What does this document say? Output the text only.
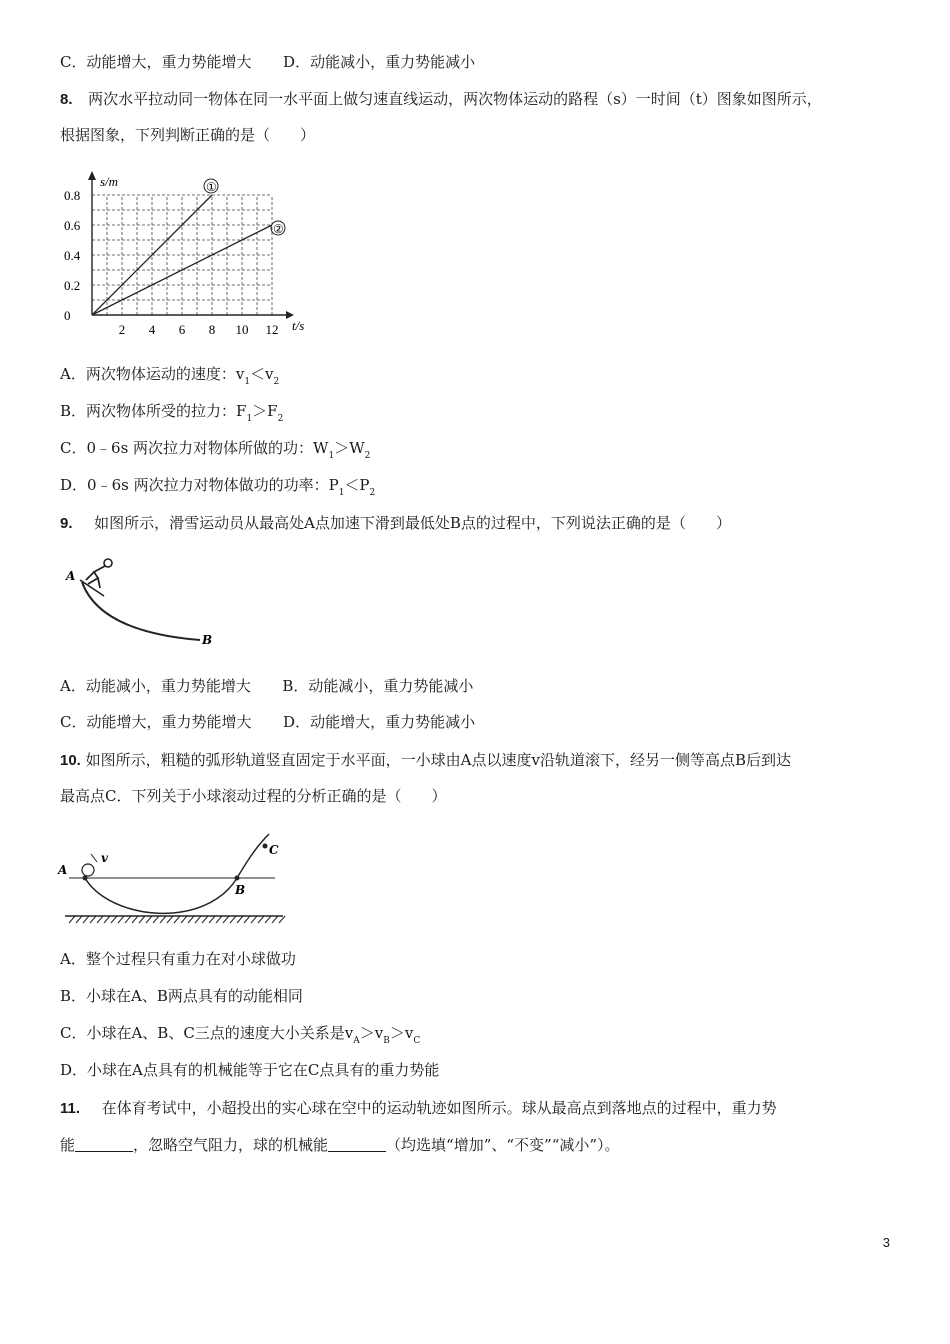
C．动能增大，重力势能增大 D．动能减小，重力势能减小
8. 两次水平拉动同一物体在同一水平面上做匀速直线运动，两次物体运动的路程（s）一时间（t）图象如图所示，
根据图象，下列判断正确的是（　　）
s/m
t/s
0.8
0.6
0.4
0.2
0
2 4 6 8 10 12
①
②
A．两次物体运动的速度：$v_1<v_2$
B．两次物体所受的拉力：$F_1>F_2$
C．0﹣6s 两次拉力对物体所做的功：$W_1>W_2$
D．0﹣6s 两次拉力对物体做功的功率：$P_1<P_2$
9. 如图所示，滑雪运动员从最高处A点加速下滑到最低处B点的过程中，下列说法正确的是（　　）
A
B
A．动能减小，重力势能增大 B．动能减小，重力势能减小
C．动能增大，重力势能增大 D．动能增大，重力势能减小
10. 如图所示，粗糙的弧形轨道竖直固定于水平面，一小球由A点以速度v沿轨道滚下，经另一侧等高点B后到达
最高点C．下列关于小球滚动过程的分析正确的是（　　）
A
v
B
C
A．整个过程只有重力在对小球做功
B．小球在A、B两点具有的动能相同
C．小球在A、B、C三点的速度大小关系是$v_A>v_B>v_C$
D．小球在A点具有的机械能等于它在C点具有的重力势能
11. 在体育考试中，小超投出的实心球在空中的运动轨迹如图所示。球从最高点到落地点的过程中，重力势
能	，忽略空气阻力，球的机械能	（均选填“增加”、“不变”“减小”）。
3
